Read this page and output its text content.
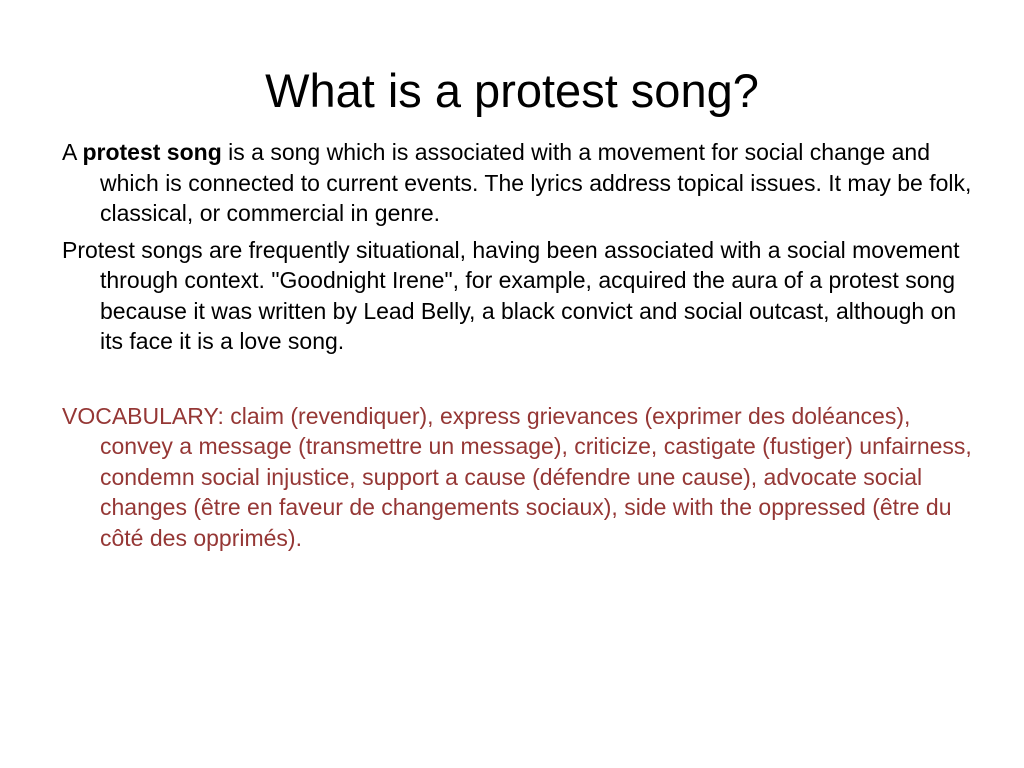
What is a protest song?

A protest song is a song which is associated with a movement for social change and which is connected to current events. The lyrics address topical issues. It may be folk, classical, or commercial in genre.

Protest songs are frequently situational, having been associated with a social movement through context. "Goodnight Irene", for example, acquired the aura of a protest song because it was written by Lead Belly, a black convict and social outcast, although on its face it is a love song.

VOCABULARY: claim (revendiquer), express grievances (exprimer des doléances), convey a message (transmettre un message), criticize, castigate (fustiger) unfairness, condemn social injustice, support a cause (défendre une cause), advocate social changes (être en faveur de changements sociaux), side with the oppressed (être du côté des opprimés).
